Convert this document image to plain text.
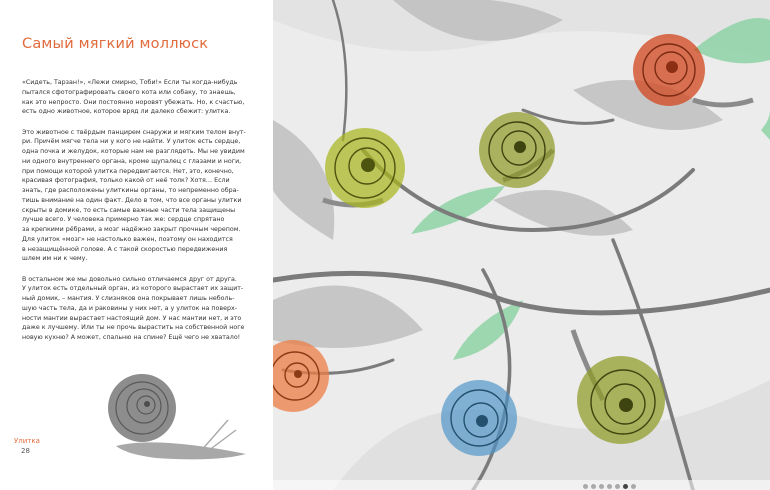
Самый мягкий моллюск

«Сидеть, Тарзан!», «Лежи смирно, Тоби!» Если ты когда-нибудь
пытался сфотографировать своего кота или собаку, то знаешь,
как это непросто. Они постоянно норовят убежать. Но, к счастью,
есть одно животное, которое вряд ли далеко сбежит: улитка.

Это животное с твёрдым панцирем снаружи и мягким телом внут-
ри. Причём мягче тела ни у кого не найти. У улиток есть сердце,
одна почка и желудок, которые нам не разглядеть. Мы не увидим
ни одного внутреннего органа, кроме щупалец с глазами и ноги,
при помощи которой улитка передвигается. Нет, это, конечно,
красивая фотография, только какой от неё толк? Хотя… Если
знать, где расположены улиткины органы, то непременно обра-
тишь внимание на один факт. Дело в том, что все органы улитки
скрыты в домике, то есть самые важные части тела защищены
лучше всего. У человека примерно так же: сердце спрятано
за крепкими рёбрами, а мозг надёжно закрыт прочным черепом.
Для улиток «мозг» не настолько важен, поэтому он находится
в незащищённой голове. А с такой скоростью передвижения
шлем им ни к чему.

В остальном же мы довольно сильно отличаемся друг от друга.
У улиток есть отдельный орган, из которого вырастает их защит-
ный домик, – мантия. У слизняков она покрывает лишь неболь-
шую часть тела, да и раковины у них нет, а у улиток на поверх-
ности мантии вырастает настоящий дом. У нас мантии нет, и это
даже к лучшему. Или ты не прочь вырастить на собственной ноге
новую кухню? А может, спальню на спине? Ещё чего не хватало!

Улитка
28
